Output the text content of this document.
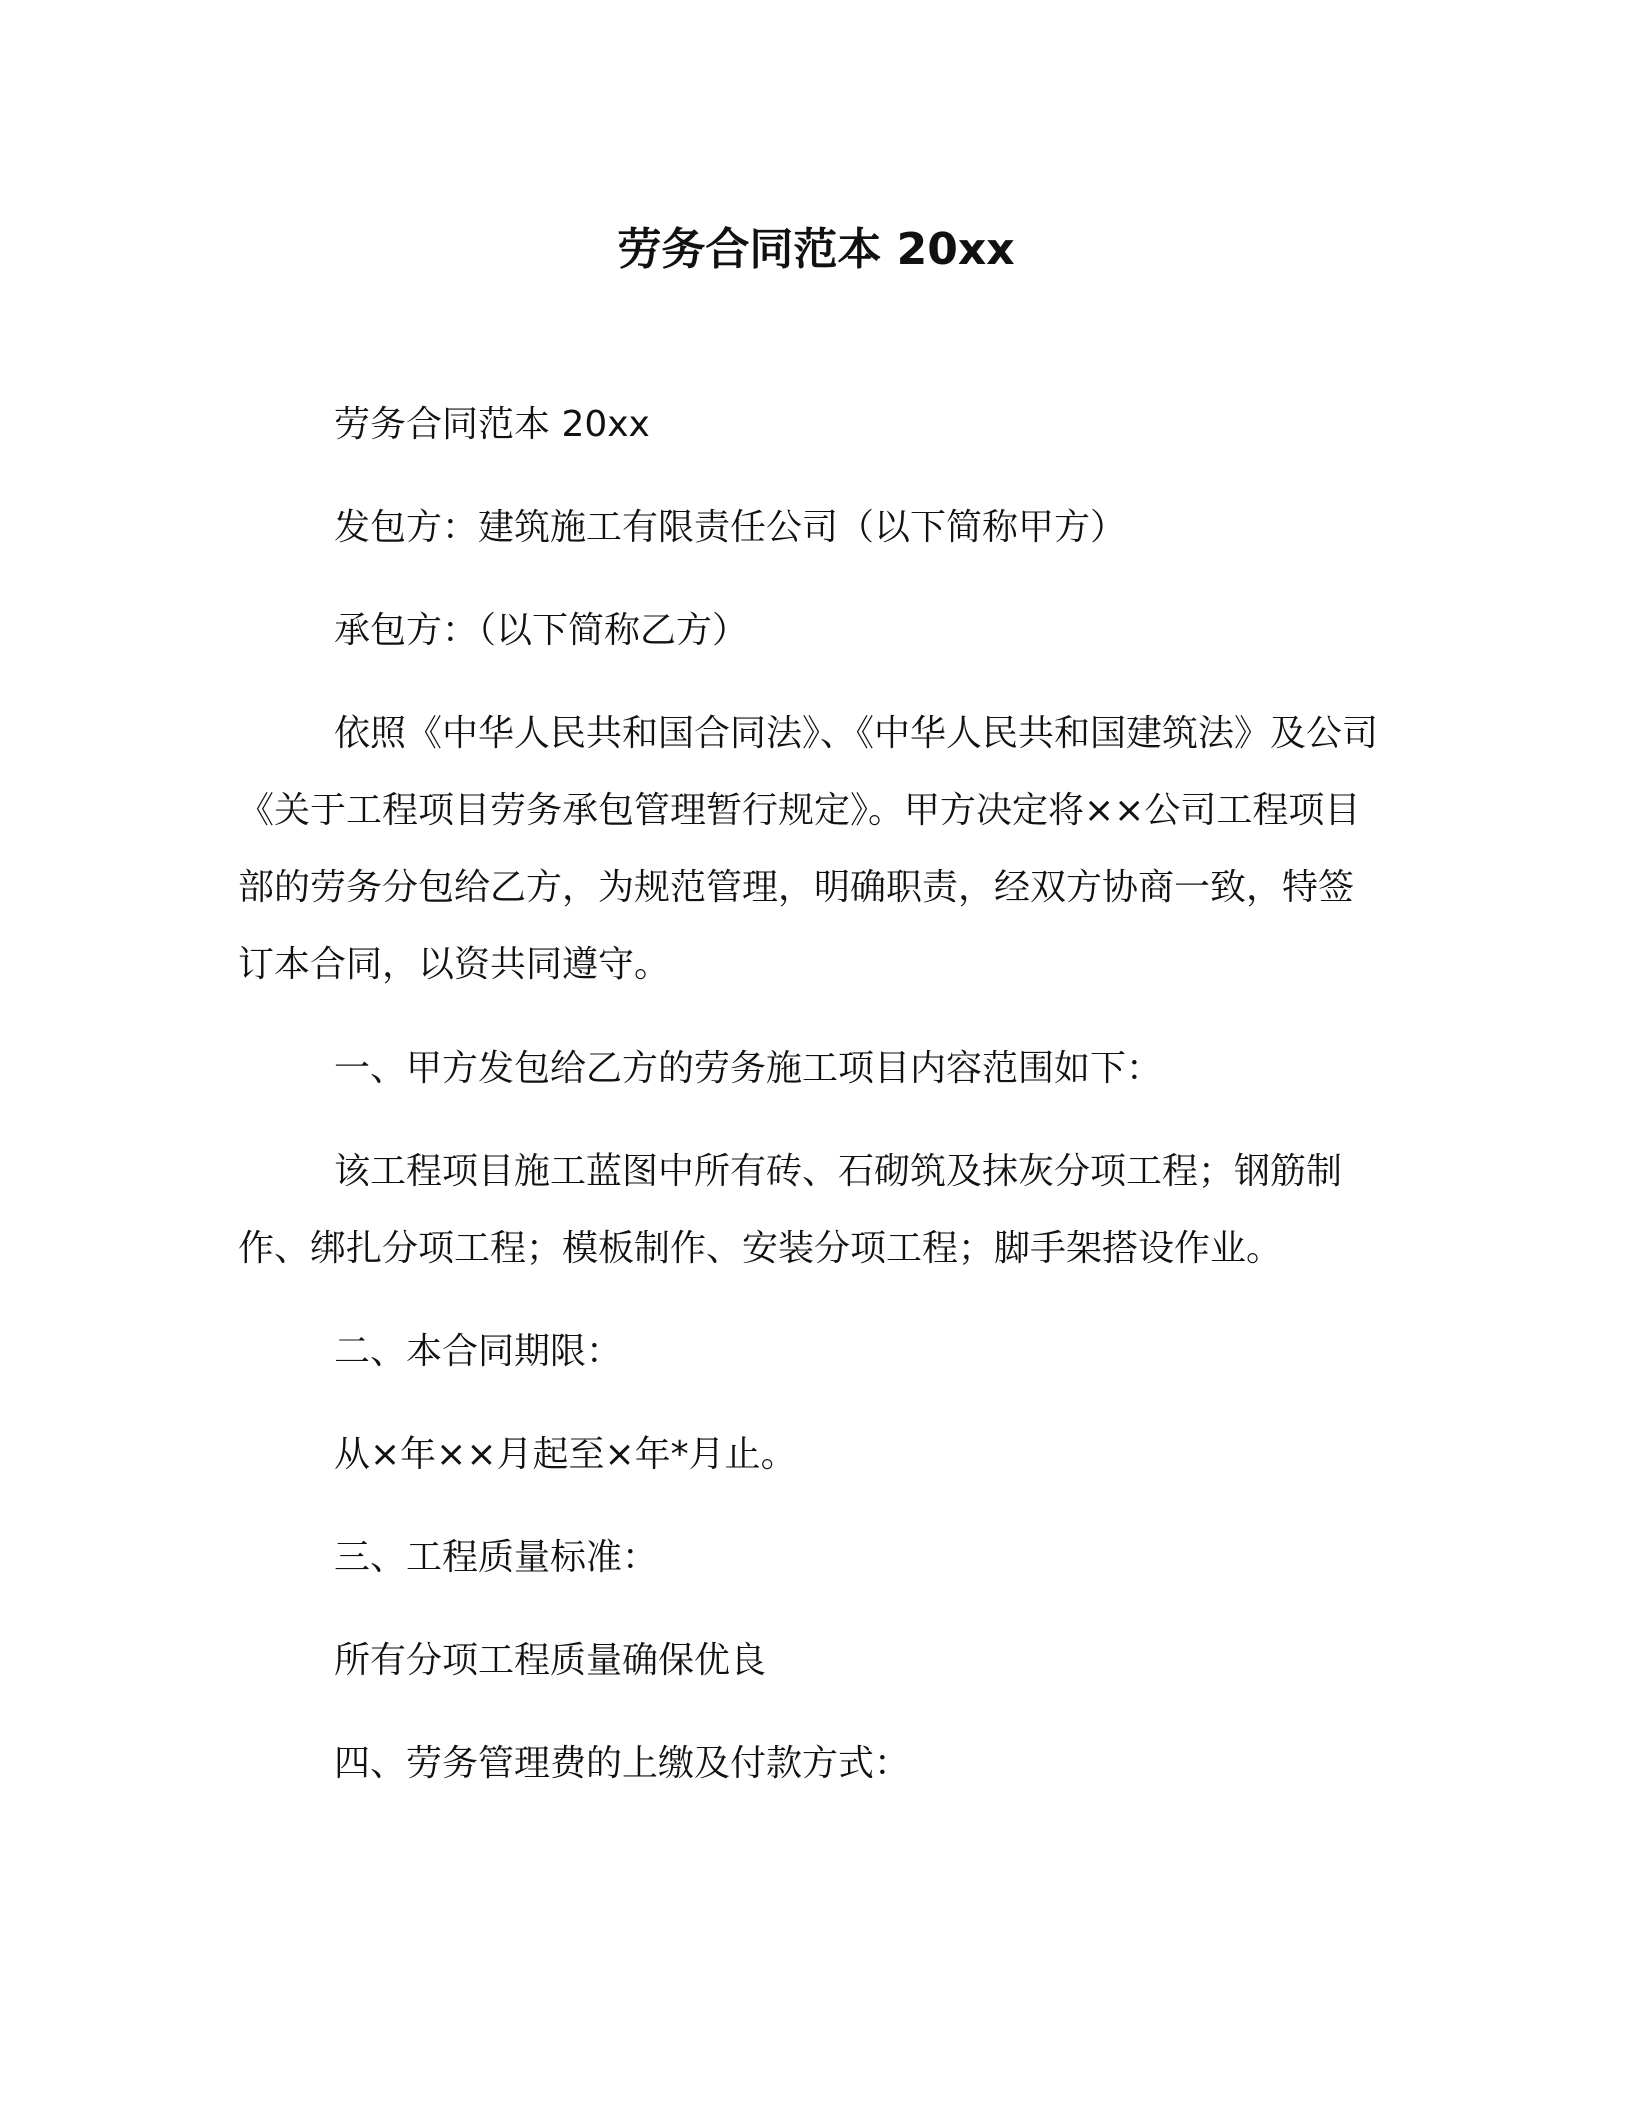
劳务合同范本 20xx

劳务合同范本 20xx

发包方：建筑施工有限责任公司（以下简称甲方）

承包方：（以下简称乙方）

依照《中华人民共和国合同法》、《中华人民共和国建筑法》及公司《关于工程项目劳务承包管理暂行规定》。甲方决定将××公司工程项目部的劳务分包给乙方，为规范管理，明确职责，经双方协商一致，特签订本合同，以资共同遵守。

一、甲方发包给乙方的劳务施工项目内容范围如下：

该工程项目施工蓝图中所有砖、石砌筑及抹灰分项工程；钢筋制作、绑扎分项工程；模板制作、安装分项工程；脚手架搭设作业。

二、本合同期限：

从×年××月起至×年*月止。

三、工程质量标准：

所有分项工程质量确保优良

四、劳务管理费的上缴及付款方式：
